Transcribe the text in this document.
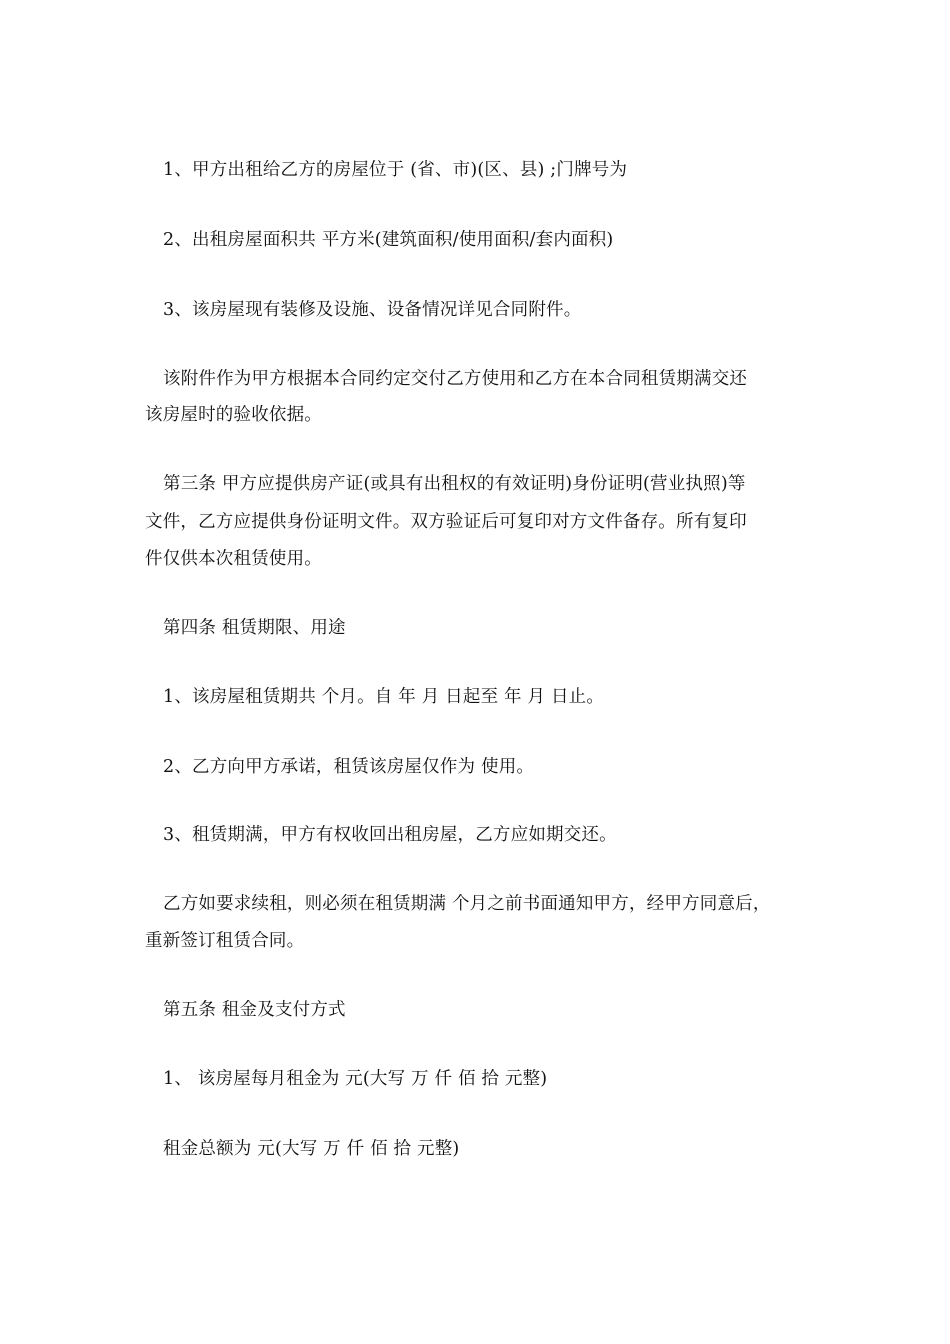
1、甲方出租给乙方的房屋位于 (省、市)(区、县) ;门牌号为
2、出租房屋面积共 平方米(建筑面积/使用面积/套内面积)
3、该房屋现有装修及设施、设备情况详见合同附件。
该附件作为甲方根据本合同约定交付乙方使用和乙方在本合同租赁期满交还
该房屋时的验收依据。
第三条 甲方应提供房产证(或具有出租权的有效证明)身份证明(营业执照)等
文件，乙方应提供身份证明文件。双方验证后可复印对方文件备存。所有复印
件仅供本次租赁使用。
第四条 租赁期限、用途
1、该房屋租赁期共 个月。自 年 月 日起至 年 月 日止。
2、乙方向甲方承诺，租赁该房屋仅作为 使用。
3、租赁期满，甲方有权收回出租房屋，乙方应如期交还。
乙方如要求续租，则必须在租赁期满 个月之前书面通知甲方，经甲方同意后，
重新签订租赁合同。
第五条 租金及支付方式
1、 该房屋每月租金为 元(大写 万 仟 佰 拾 元整)
租金总额为 元(大写 万 仟 佰 拾 元整)
